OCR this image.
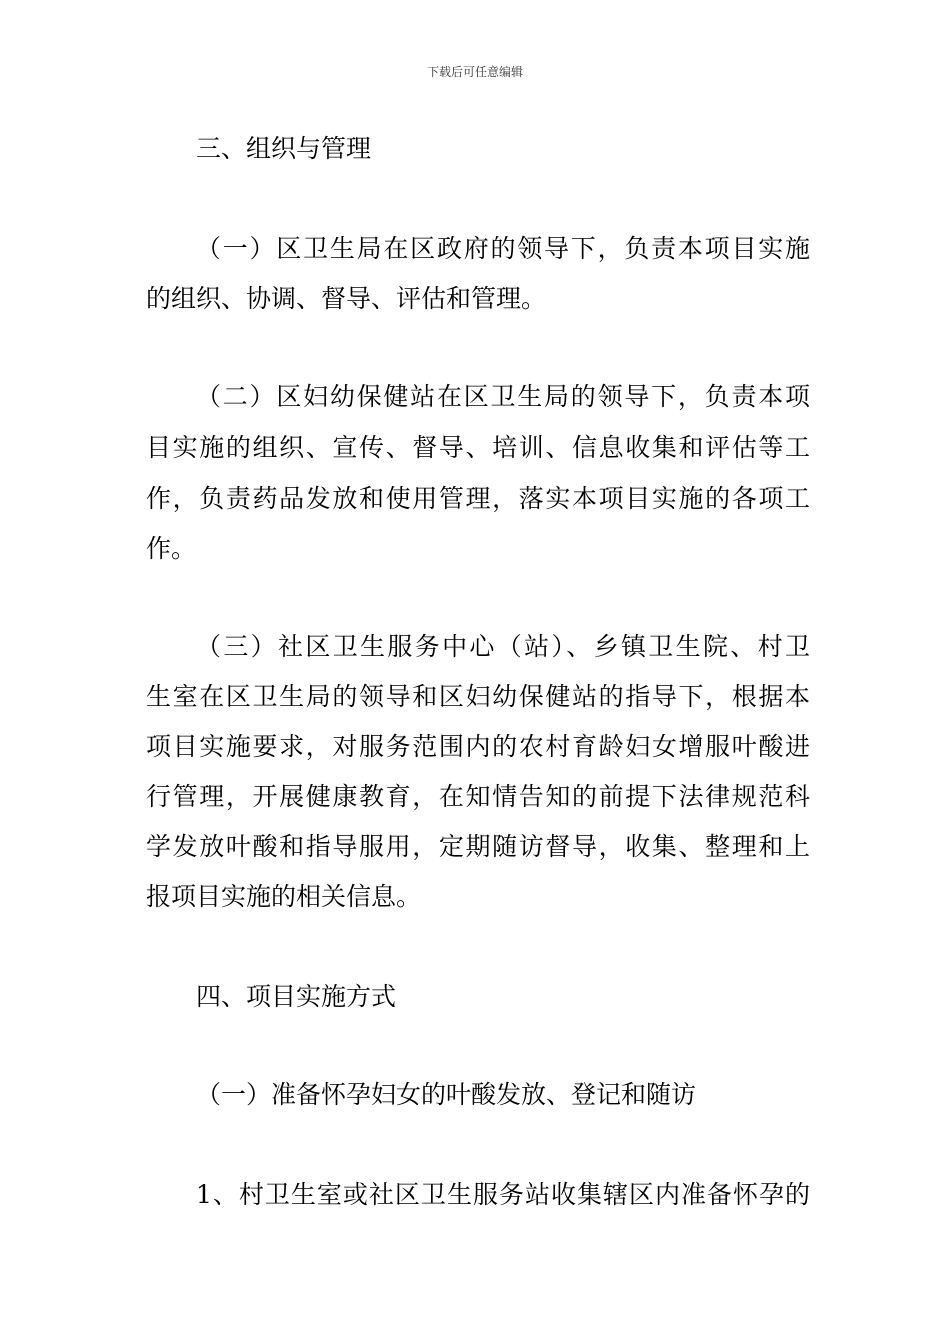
下载后可任意编辑
三、组织与管理
（一）区卫生局在区政府的领导下，负责本项目实施
的组织、协调、督导、评估和管理。
（二）区妇幼保健站在区卫生局的领导下，负责本项
目实施的组织、宣传、督导、培训、信息收集和评估等工
作，负责药品发放和使用管理，落实本项目实施的各项工
作。
（三）社区卫生服务中心（站）、乡镇卫生院、村卫
生室在区卫生局的领导和区妇幼保健站的指导下，根据本
项目实施要求，对服务范围内的农村育龄妇女增服叶酸进
行管理，开展健康教育，在知情告知的前提下法律规范科
学发放叶酸和指导服用，定期随访督导，收集、整理和上
报项目实施的相关信息。
四、项目实施方式
（一）准备怀孕妇女的叶酸发放、登记和随访
1、村卫生室或社区卫生服务站收集辖区内准备怀孕的
